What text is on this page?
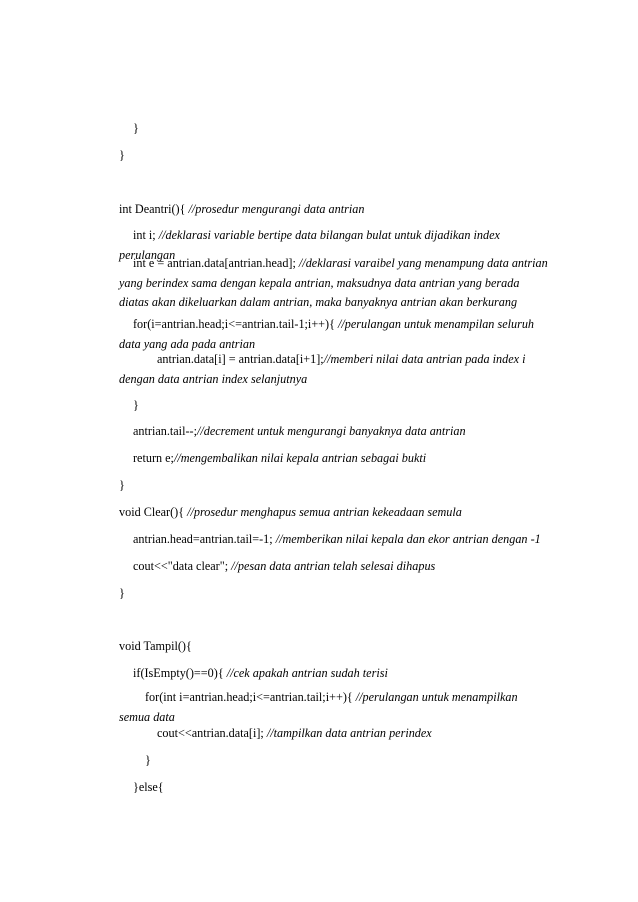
}
}
int Deantri(){ //prosedur mengurangi data antrian
int i; //deklarasi variable bertipe data bilangan bulat untuk dijadikan index perulangan
int e = antrian.data[antrian.head]; //deklarasi varaibel yang menampung data antrian yang berindex sama dengan kepala antrian, maksudnya data antrian yang berada diatas akan dikeluarkan dalam antrian, maka banyaknya antrian akan berkurang
for(i=antrian.head;i<=antrian.tail-1;i++){ //perulangan untuk menampilan seluruh data yang ada pada antrian
antrian.data[i] = antrian.data[i+1];//memberi nilai data antrian pada index i dengan data antrian index selanjutnya
}
antrian.tail--;//decrement untuk mengurangi banyaknya data antrian
return e;//mengembalikan nilai kepala antrian sebagai bukti
}
void Clear(){ //prosedur menghapus semua antrian kekeadaan semula
antrian.head=antrian.tail=-1; //memberikan nilai kepala dan ekor antrian dengan -1
cout<<"data clear"; //pesan data antrian telah selesai dihapus
}
void Tampil(){
if(IsEmpty()==0){ //cek apakah antrian sudah terisi
for(int i=antrian.head;i<=antrian.tail;i++){ //perulangan untuk menampilkan semua data
cout<<antrian.data[i]; //tampilkan data antrian perindex
}
}else{
